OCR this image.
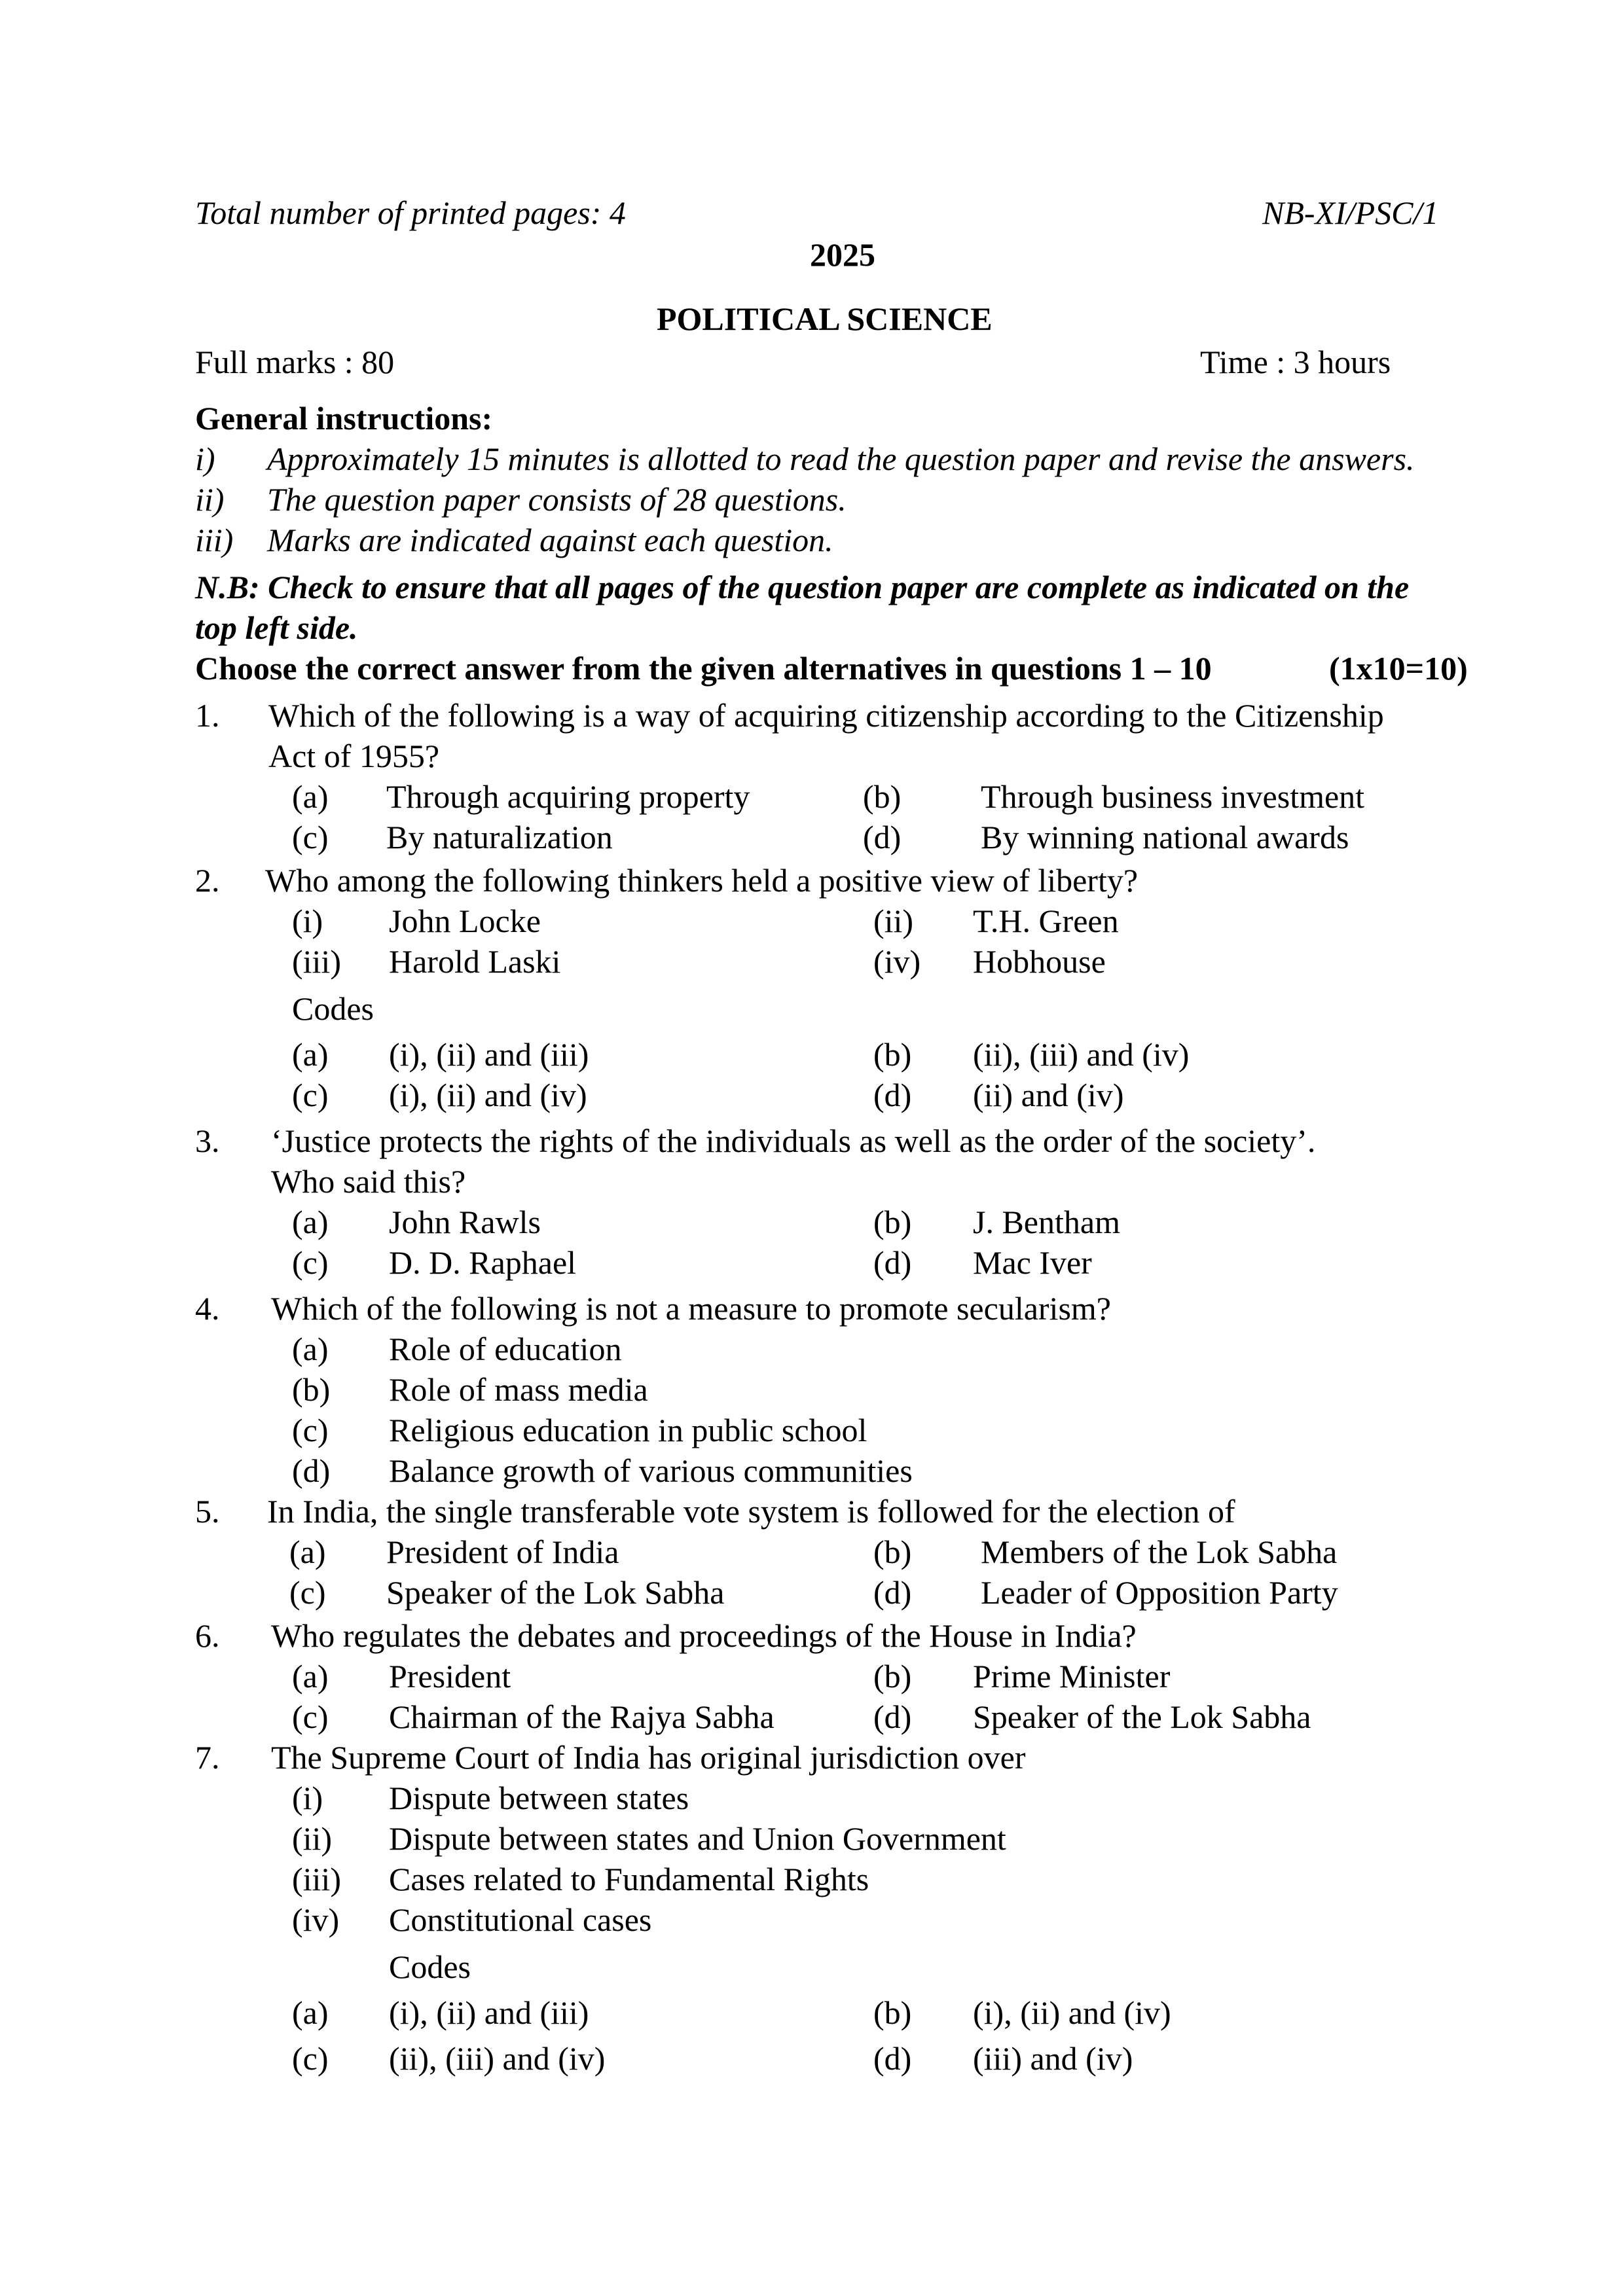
Total number of printed pages: 4	NB-XI/PSC/1
2025
POLITICAL SCIENCE
Full marks : 80	Time : 3 hours
General instructions:
i) Approximately 15 minutes is allotted to read the question paper and revise the answers.
ii) The question paper consists of 28 questions.
iii) Marks are indicated against each question.
N.B: Check to ensure that all pages of the question paper are complete as indicated on the
top left side.
Choose the correct answer from the given alternatives in questions 1 – 10	(1x10=10)
1. Which of the following is a way of acquiring citizenship according to the Citizenship
Act of 1955?
(a) Through acquiring property	(b) Through business investment
(c) By naturalization	(d) By winning national awards
2. Who among the following thinkers held a positive view of liberty?
(i) John Locke	(ii) T.H. Green
(iii) Harold Laski	(iv) Hobhouse
Codes
(a) (i), (ii) and (iii)	(b) (ii), (iii) and (iv)
(c) (i), (ii) and (iv)	(d) (ii) and (iv)
3. ‘Justice protects the rights of the individuals as well as the order of the society’.
Who said this?
(a) John Rawls	(b) J. Bentham
(c) D. D. Raphael	(d) Mac Iver
4. Which of the following is not a measure to promote secularism?
(a) Role of education
(b) Role of mass media
(c) Religious education in public school
(d) Balance growth of various communities
5. In India, the single transferable vote system is followed for the election of
(a) President of India	(b) Members of the Lok Sabha
(c) Speaker of the Lok Sabha	(d) Leader of Opposition Party
6. Who regulates the debates and proceedings of the House in India?
(a) President	(b) Prime Minister
(c) Chairman of the Rajya Sabha	(d) Speaker of the Lok Sabha
7. The Supreme Court of India has original jurisdiction over
(i) Dispute between states
(ii) Dispute between states and Union Government
(iii) Cases related to Fundamental Rights
(iv) Constitutional cases
Codes
(a) (i), (ii) and (iii)	(b) (i), (ii) and (iv)
(c) (ii), (iii) and (iv)	(d) (iii) and (iv)
